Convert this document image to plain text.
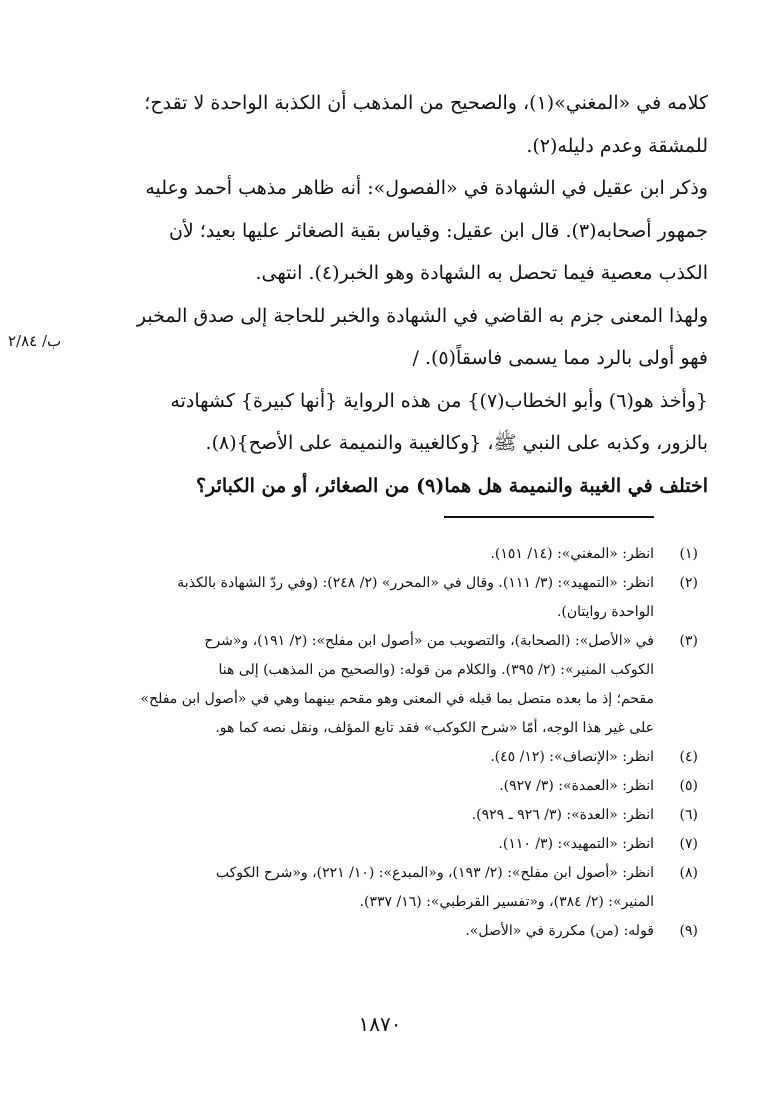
كلامه في «المغني»(١)، والصحيح من المذهب أن الكذبة الواحدة لا تقدح؛
للمشقة وعدم دليله(٢).
وذكر ابن عقيل في الشهادة في «الفصول»: أنه ظاهر مذهب أحمد وعليه
جمهور أصحابه(٣). قال ابن عقيل: وقياس بقية الصغائر عليها بعيد؛ لأن
الكذب معصية فيما تحصل به الشهادة وهو الخبر(٤). انتهى.
ولهذا المعنى جزم به القاضي في الشهادة والخبر للحاجة إلى صدق المخبر
فهو أولى بالرد مما يسمى فاسقاً(٥). /
{وأخذ هو(٦) وأبو الخطاب(٧)} من هذه الرواية {أنها كبيرة} كشهادته
بالزور، وكذبه على النبي ﷺ، {وكالغيبة والنميمة على الأصح}(٨).
اختلف في الغيبة والنميمة هل هما(٩) من الصغائر، أو من الكبائر؟
ب/ ٢/٨٤
(١)
انظر: «المغني»: (١٤/ ١٥١).
(٢)
انظر: «التمهيد»: (٣/ ١١١). وقال في «المحرر» (٢/ ٢٤٨): (وفي ردّ الشهادة بالكذبة
الواحدة روايتان).
(٣)
في «الأصل»: (الصحابة)، والتصويب من «أصول ابن مفلح»: (٢/ ١٩١)، و«شرح
الكوكب المنير»: (٢/ ٣٩٥). والكلام من قوله: (والصحيح من المذهب) إلى هنا
مقحم؛ إذ ما بعده متصل بما قبله في المعنى وهو مقحم بينهما وهي في «أصول ابن مفلح»
على غير هذا الوجه، أمّا «شرح الكوكب» فقد تابع المؤلف، ونقل نصه كما هو.
(٤)
انظر: «الإنصاف»: (١٢/ ٤٥).
(٥)
انظر: «العمدة»: (٣/ ٩٢٧).
(٦)
انظر: «العدة»: (٣/ ٩٢٦ ـ ٩٢٩).
(٧)
انظر: «التمهيد»: (٣/ ١١٠).
(٨)
انظر: «أصول ابن مفلح»: (٢/ ١٩٣)، و«المبدع»: (١٠/ ٢٢١)، و«شرح الكوكب
المنير»: (٢/ ٣٨٤)، و«تفسير القرطبي»: (١٦/ ٣٣٧).
(٩)
قوله: (من) مكررة في «الأصل».
١٨٧٠
